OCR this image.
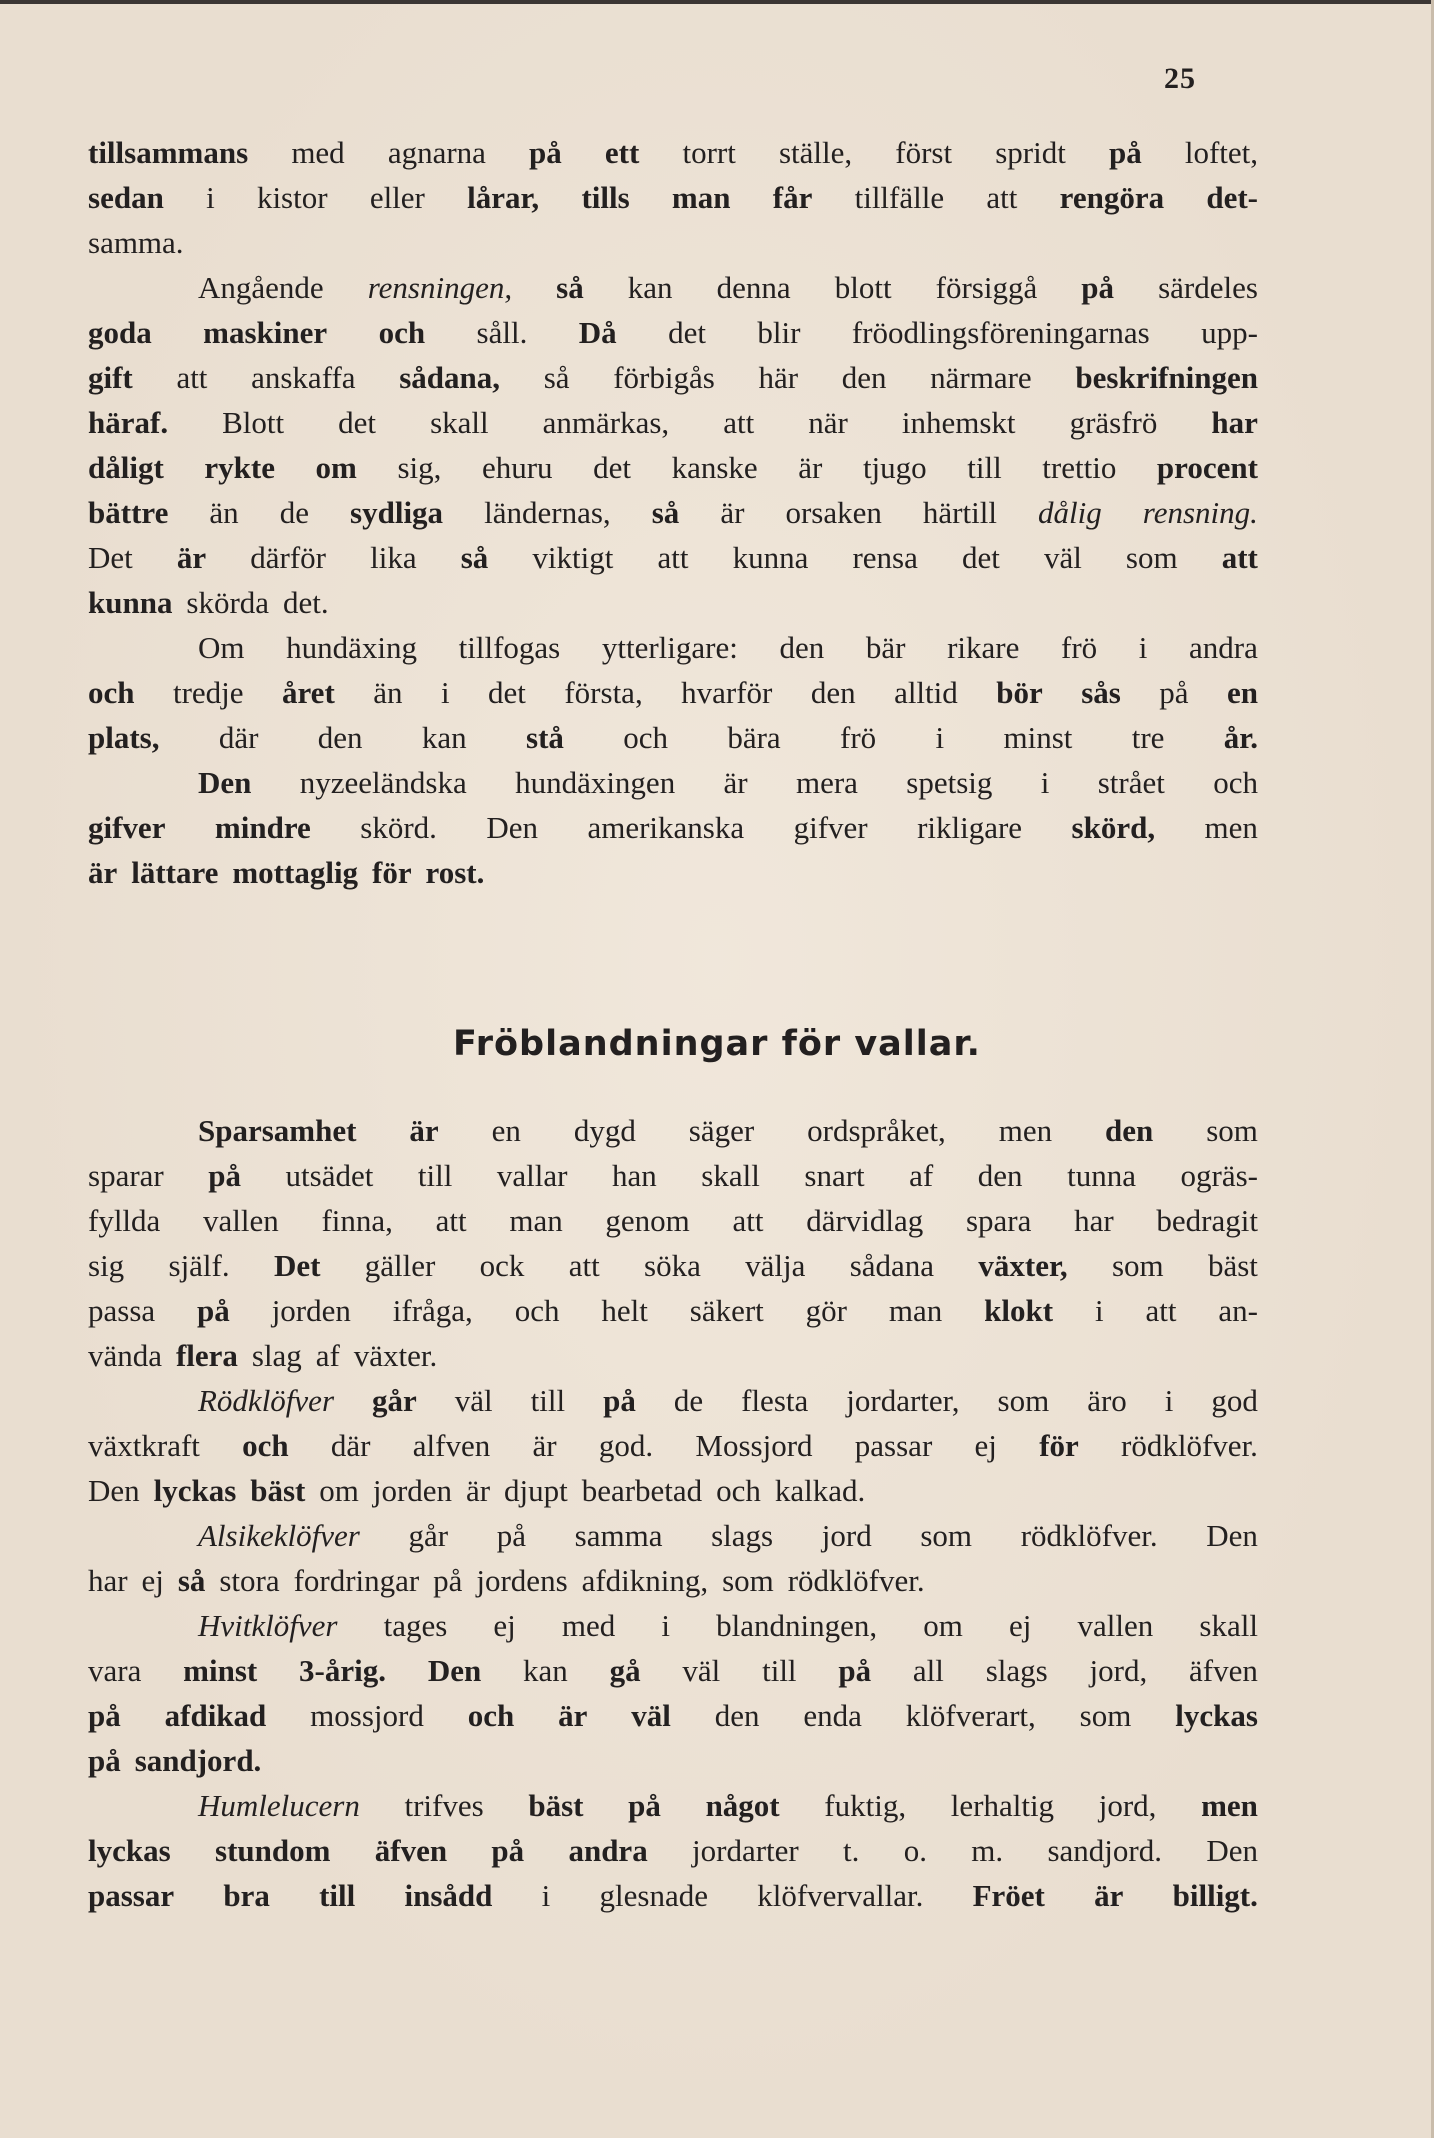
25
tillsammans med agnarna på ett torrt ställe, först spridt på loftet,
sedan i kistor eller lårar, tills man får tillfälle att rengöra det-
samma.
Angående rensningen, så kan denna blott försiggå på särdeles
goda maskiner och såll. Då det blir fröodlingsföreningarnas upp-
gift att anskaffa sådana, så förbigås här den närmare beskrifningen
häraf. Blott det skall anmärkas, att när inhemskt gräsfrö har
dåligt rykte om sig, ehuru det kanske är tjugo till trettio procent
bättre än de sydliga ländernas, så är orsaken härtill dålig rensning.
Det är därför lika så viktigt att kunna rensa det väl som att
kunna skörda det.
Om hundäxing tillfogas ytterligare: den bär rikare frö i andra
och tredje året än i det första, hvarför den alltid bör sås på en
plats, där den kan stå och bära frö i minst tre år.
Den nyzeeländska hundäxingen är mera spetsig i strået och
gifver mindre skörd. Den amerikanska gifver rikligare skörd, men
är lättare mottaglig för rost.
Fröblandningar för vallar.
Sparsamhet är en dygd säger ordspråket, men den som
sparar på utsädet till vallar han skall snart af den tunna ogräs-
fyllda vallen finna, att man genom att därvidlag spara har bedragit
sig själf. Det gäller ock att söka välja sådana växter, som bäst
passa på jorden ifråga, och helt säkert gör man klokt i att an-
vända flera slag af växter.
Rödklöfver går väl till på de flesta jordarter, som äro i god
växtkraft och där alfven är god. Mossjord passar ej för rödklöfver.
Den lyckas bäst om jorden är djupt bearbetad och kalkad.
Alsikeklöfver går på samma slags jord som rödklöfver. Den
har ej så stora fordringar på jordens afdikning, som rödklöfver.
Hvitklöfver tages ej med i blandningen, om ej vallen skall
vara minst 3-årig. Den kan gå väl till på all slags jord, äfven
på afdikad mossjord och är väl den enda klöfverart, som lyckas
på sandjord.
Humlelucern trifves bäst på något fuktig, lerhaltig jord, men
lyckas stundom äfven på andra jordarter t. o. m. sandjord. Den
passar bra till insådd i glesnade klöfvervallar. Fröet är billigt.
